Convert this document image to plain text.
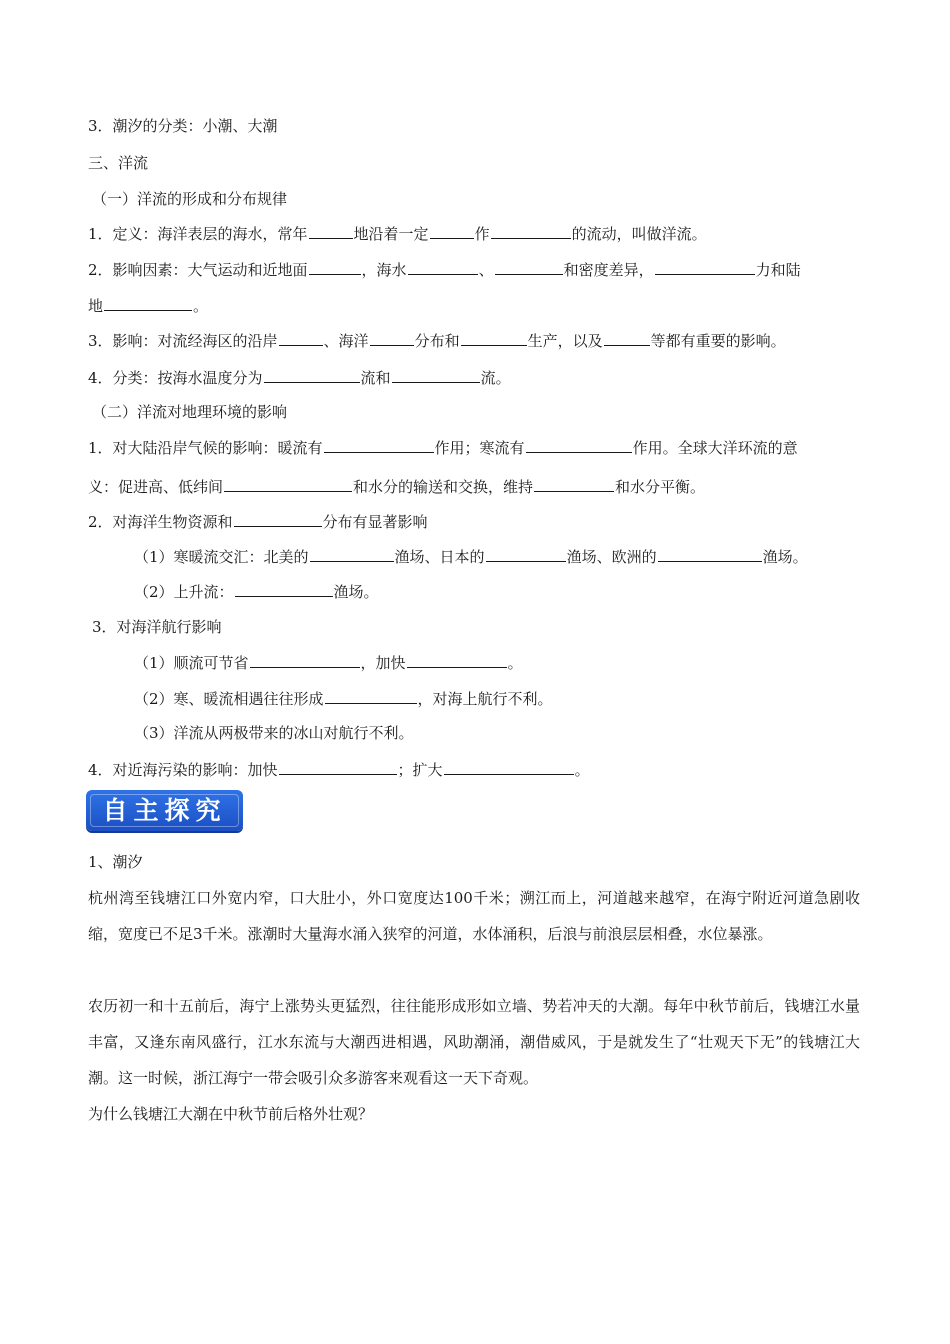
3．潮汐的分类：小潮、大潮
三、洋流
（一）洋流的形成和分布规律
1．定义：海洋表层的海水，常年	地沿着一定	作	的流动，叫做洋流。
2．影响因素：大气运动和近地面	，海水	、	和密度差异，	力和陆
地	。
3．影响：对流经海区的沿岸	、海洋	分布和	生产，以及	等都有重要的影响。
4．分类：按海水温度分为	流和	流。
（二）洋流对地理环境的影响
1．对大陆沿岸气候的影响：暖流有	作用；寒流有	作用。全球大洋环流的意
义：促进高、低纬间	和水分的输送和交换，维持	和水分平衡。
2．对海洋生物资源和	分布有显著影响
（1）寒暖流交汇：北美的	渔场、日本的	渔场、欧洲的	渔场。
（2）上升流：	渔场。
3．对海洋航行影响
（1）顺流可节省	，加快	。
（2）寒、暖流相遇往往形成	，对海上航行不利。
（3）洋流从两极带来的冰山对航行不利。
4．对近海污染的影响：加快	；扩大	。
自主探究
1、潮汐
杭州湾至钱塘江口外宽内窄，口大肚小，外口宽度达100千米；溯江而上，河道越来越窄，在海宁附近河道急剧收缩，宽度已不足3千米。涨潮时大量海水涌入狭窄的河道，水体涌积，后浪与前浪层层相叠，水位暴涨。
农历初一和十五前后，海宁上涨势头更猛烈，往往能形成形如立墙、势若冲天的大潮。每年中秋节前后，钱塘江水量丰富，又逢东南风盛行，江水东流与大潮西进相遇，风助潮涌，潮借威风，于是就发生了“壮观天下无”的钱塘江大潮。这一时候，浙江海宁一带会吸引众多游客来观看这一天下奇观。
为什么钱塘江大潮在中秋节前后格外壮观？
